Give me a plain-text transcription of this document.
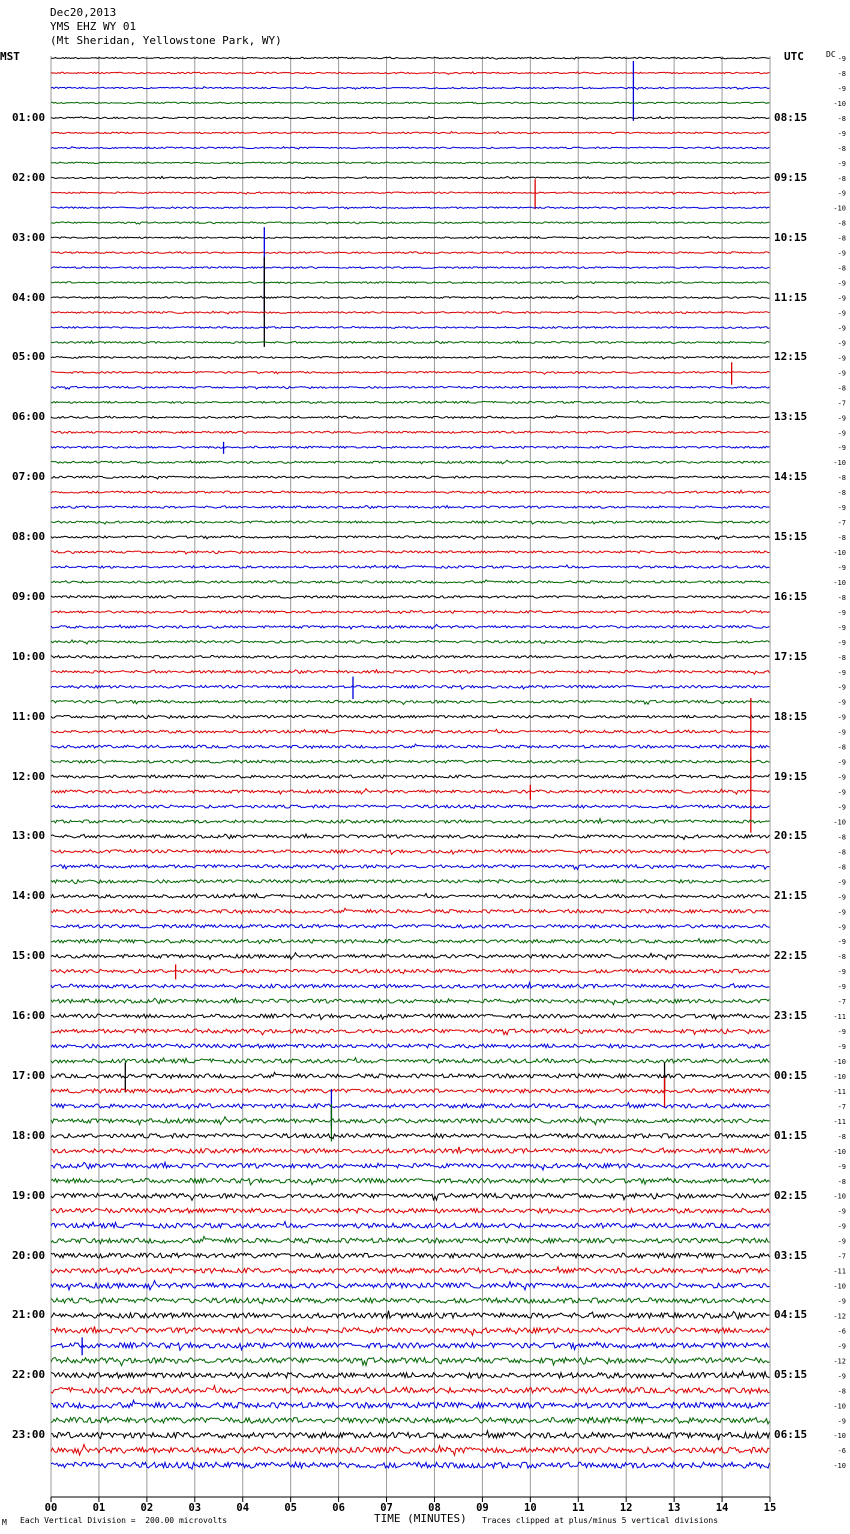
-9
-8
-9
-10
-8
-9
-8
-9
-8
-9
-10
-8
-8
-9
-8
-9
-9
-9
-9
-9
-9
-9
-8
-7
-9
-9
-9
-10
-8
-8
-9
-7
-8
-10
-9
-10
-8
-9
-9
-9
-8
-9
-9
-9
-9
-9
-8
-9
-9
-9
-9
-10
-8
-8
-8
-9
-9
-9
-9
-9
-8
-9
-9
-7
-11
-9
-9
-10
-10
-11
-7
-11
-8
-10
-9
-8
-10
-9
-9
-9
-7
-11
-10
-9
-12
-6
-9
-12
-9
-8
-10
-9
-10
-6
-10
00	01	02	03	04	05	06	07	08	09	10	11	12	13	14	15
Dec20,2013
YMS EHZ WY 01
(Mt Sheridan, Yellowstone Park, WY)
MST	UTC	DC
01:00
02:00
03:00
04:00
05:00
06:00
07:00
08:00
09:00
10:00
11:00
12:00
13:00
14:00
15:00
16:00
17:00
18:00
19:00
20:00
21:00
22:00
23:00
08:15
09:15
10:15
11:15
12:15
13:15
14:15
15:15
16:15
17:15
18:15
19:15
20:15
21:15
22:15
23:15
00:15
01:15
02:15
03:15
04:15
05:15
06:15
M Each Vertical Division =  200.00 microvolts	TIME (MINUTES) Traces clipped at plus/minus 5 vertical divisions
